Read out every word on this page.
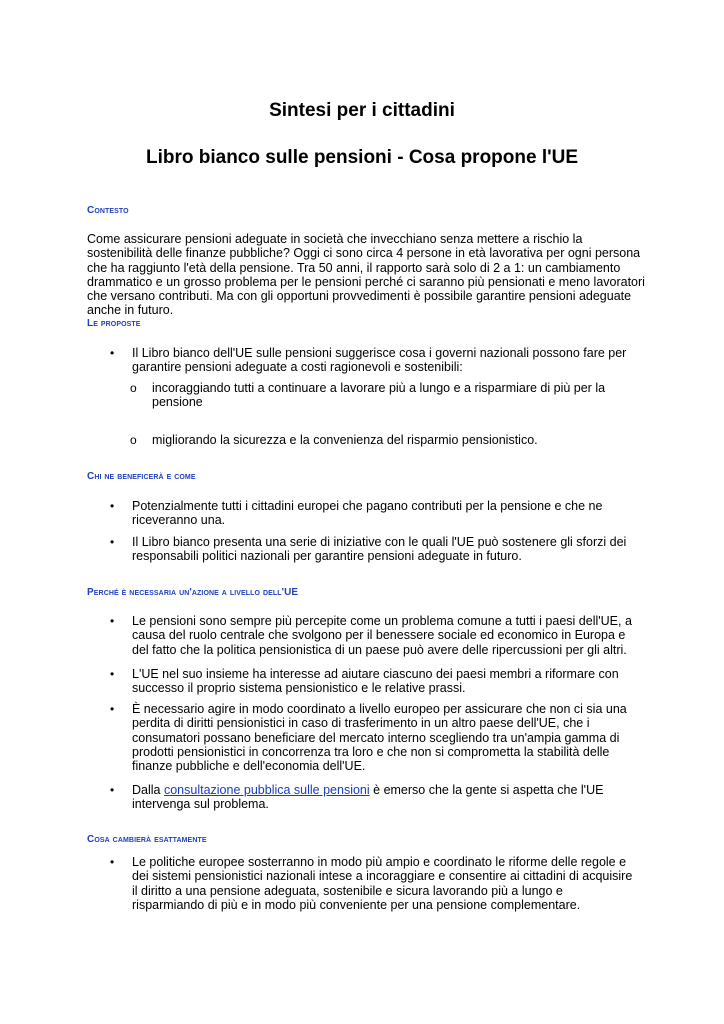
Sintesi per i cittadini
Libro bianco sulle pensioni - Cosa propone l'UE

Contesto

Come assicurare pensioni adeguate in società che invecchiano senza mettere a rischio la sostenibilità delle finanze pubbliche? Oggi ci sono circa 4 persone in età lavorativa per ogni persona che ha raggiunto l'età della pensione. Tra 50 anni, il rapporto sarà solo di 2 a 1: un cambiamento drammatico e un grosso problema per le pensioni perché ci saranno più pensionati e meno lavoratori che versano contributi. Ma con gli opportuni provvedimenti è possibile garantire pensioni adeguate anche in futuro.

Le proposte

•	Il Libro bianco dell'UE sulle pensioni suggerisce cosa i governi nazionali possono fare per garantire pensioni adeguate a costi ragionevoli e sostenibili:

o incoraggiando tutti a continuare a lavorare più a lungo e a risparmiare di più per la pensione

o migliorando la sicurezza e la convenienza del risparmio pensionistico.

Chi ne beneficerà e come

•	Potenzialmente tutti i cittadini europei che pagano contributi per la pensione e che ne riceveranno una.

•	Il Libro bianco presenta una serie di iniziative con le quali l'UE può sostenere gli sforzi dei responsabili politici nazionali per garantire pensioni adeguate in futuro.

Perché è necessaria un'azione a livello dell'UE

•	Le pensioni sono sempre più percepite come un problema comune a tutti i paesi dell'UE, a causa del ruolo centrale che svolgono per il benessere sociale ed economico in Europa e del fatto che la politica pensionistica di un paese può avere delle ripercussioni per gli altri.

•	L'UE nel suo insieme ha interesse ad aiutare ciascuno dei paesi membri a riformare con successo il proprio sistema pensionistico e le relative prassi.

•	È necessario agire in modo coordinato a livello europeo per assicurare che non ci sia una perdita di diritti pensionistici in caso di trasferimento in un altro paese dell'UE, che i consumatori possano beneficiare del mercato interno scegliendo tra un'ampia gamma di prodotti pensionistici in concorrenza tra loro e che non si comprometta la stabilità delle finanze pubbliche e dell'economia dell'UE.

•	Dalla consultazione pubblica sulle pensioni è emerso che la gente si aspetta che l'UE intervenga sul problema.

Cosa cambierà esattamente

•	Le politiche europee sosterranno in modo più ampio e coordinato le riforme delle regole e dei sistemi pensionistici nazionali intese a incoraggiare e consentire ai cittadini di acquisire il diritto a una pensione adeguata, sostenibile e sicura lavorando più a lungo e risparmiando di più e in modo più conveniente per una pensione complementare.
